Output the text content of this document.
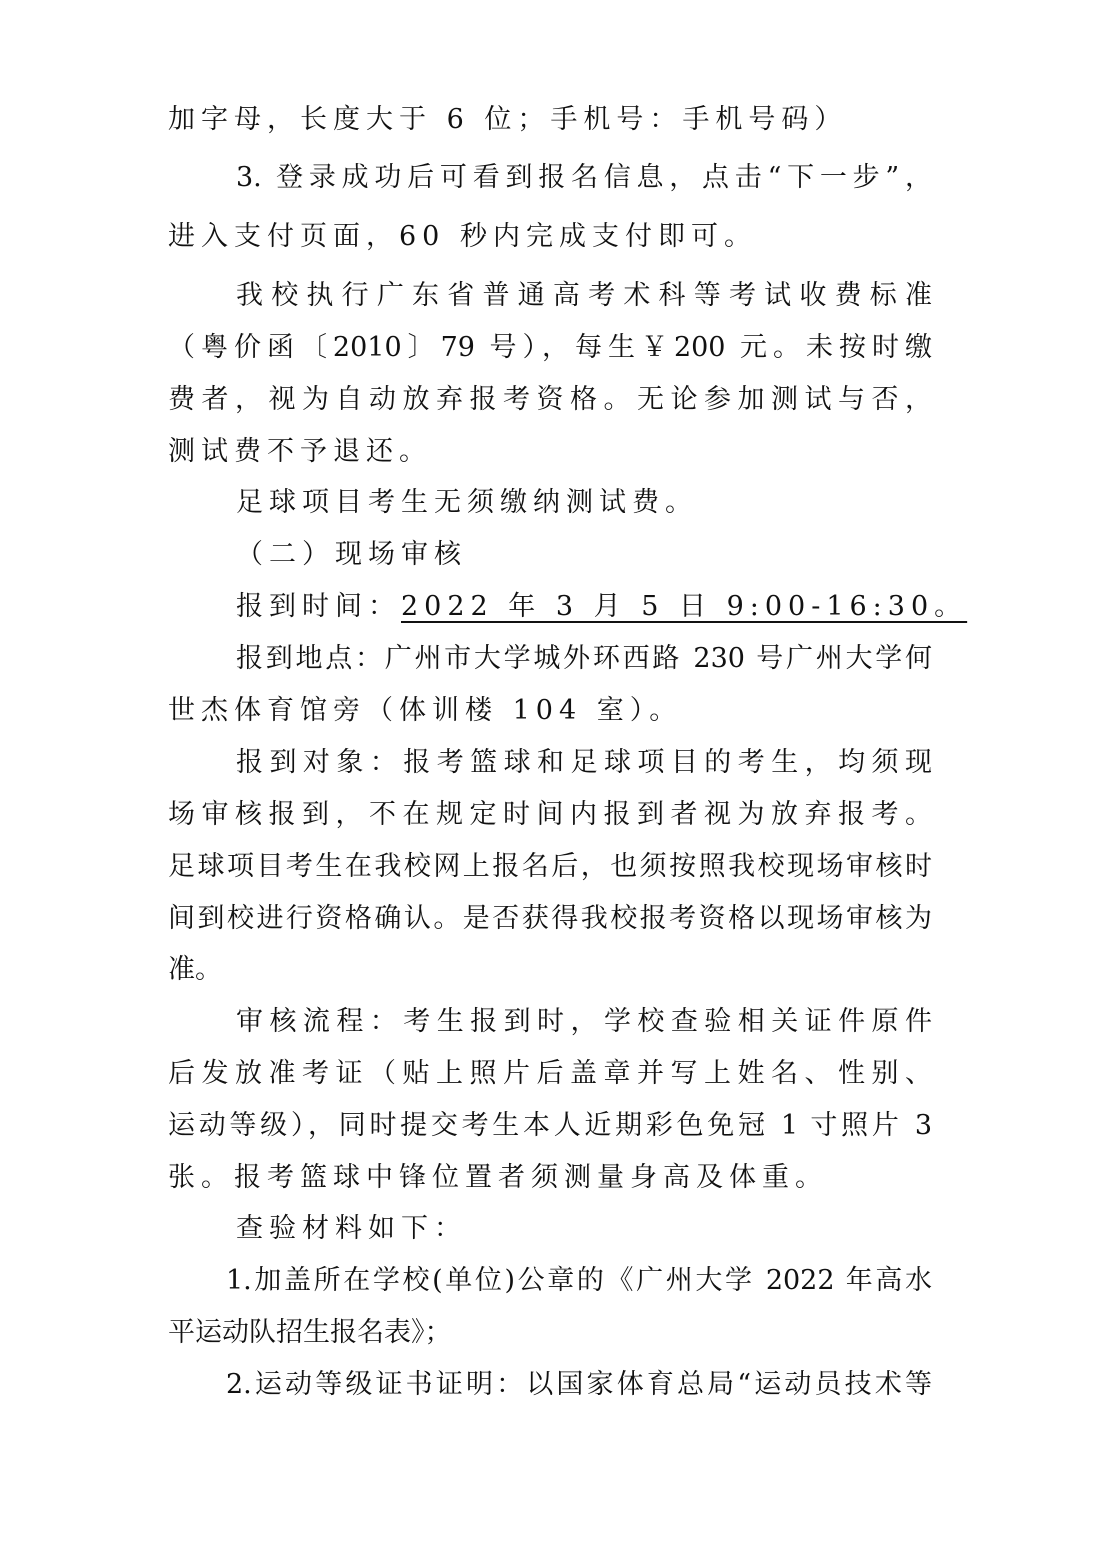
加字母，长度大于 6 位；手机号：手机号码）
3. 登录成功后可看到报名信息，点击“下一步”，
进入支付页面，60 秒内完成支付即可。
我校执行广东省普通高考术科等考试收费标准
（粤价函〔2010〕79 号），每生￥200 元。未按时缴
费者，视为自动放弃报考资格。无论参加测试与否，
测试费不予退还。
足球项目考生无须缴纳测试费。
（二）现场审核
报到时间：2022 年 3 月 5 日 9:00-16:30。
报到地点：广州市大学城外环西路 230 号广州大学何
世杰体育馆旁（体训楼 104 室）。
报到对象：报考篮球和足球项目的考生，均须现
场审核报到，不在规定时间内报到者视为放弃报考。
足球项目考生在我校网上报名后，也须按照我校现场审核时
间到校进行资格确认。是否获得我校报考资格以现场审核为
准。
审核流程：考生报到时，学校查验相关证件原件
后发放准考证（贴上照片后盖章并写上姓名、性别、
运动等级），同时提交考生本人近期彩色免冠 1 寸照片 3
张。报考篮球中锋位置者须测量身高及体重。
查验材料如下：
1.加盖所在学校(单位)公章的《广州大学 2022 年高水
平运动队招生报名表》；
2.运动等级证书证明：以国家体育总局“运动员技术等
